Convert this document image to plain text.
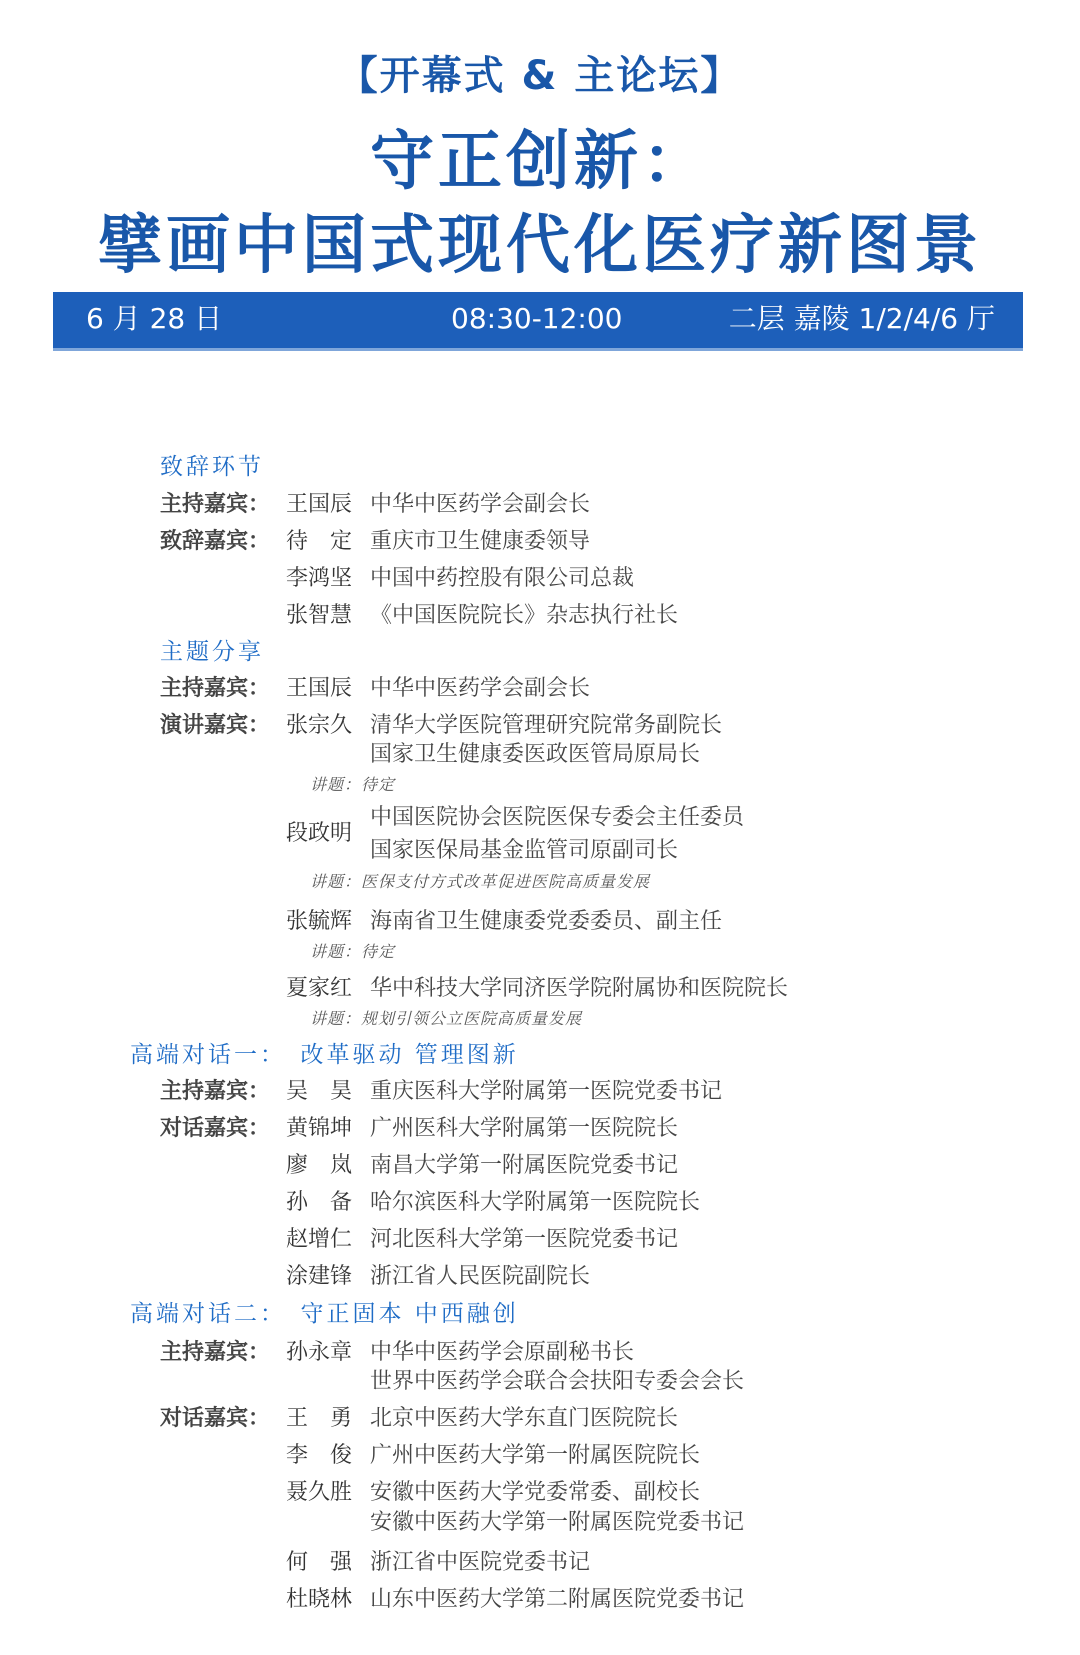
【开幕式 & 主论坛】
守正创新：
擘画中国式现代化医疗新图景
6 月 28 日	08:30-12:00	二层 嘉陵 1/2/4/6 厅
致辞环节
主持嘉宾： 王国辰 中华中医药学会副会长
致辞嘉宾： 待　定 重庆市卫生健康委领导
李鸿坚 中国中药控股有限公司总裁
张智慧 《中国医院院长》杂志执行社长
主题分享
主持嘉宾： 王国辰 中华中医药学会副会长
演讲嘉宾： 张宗久 清华大学医院管理研究院常务副院长
国家卫生健康委医政医管局原局长
讲题：待定
段政明
中国医院协会医院医保专委会主任委员
国家医保局基金监管司原副司长
讲题：医保支付方式改革促进医院高质量发展
张毓辉 海南省卫生健康委党委委员、副主任
讲题：待定
夏家红 华中科技大学同济医学院附属协和医院院长
讲题：规划引领公立医院高质量发展
高端对话一：　改革驱动 管理图新
主持嘉宾： 吴　昊 重庆医科大学附属第一医院党委书记
对话嘉宾： 黄锦坤 广州医科大学附属第一医院院长
廖　岚 南昌大学第一附属医院党委书记
孙　备 哈尔滨医科大学附属第一医院院长
赵增仁 河北医科大学第一医院党委书记
涂建锋 浙江省人民医院副院长
高端对话二：　守正固本 中西融创
主持嘉宾： 孙永章 中华中医药学会原副秘书长
世界中医药学会联合会扶阳专委会会长
对话嘉宾： 王　勇 北京中医药大学东直门医院院长
李　俊 广州中医药大学第一附属医院院长
聂久胜 安徽中医药大学党委常委、副校长
安徽中医药大学第一附属医院党委书记
何　强 浙江省中医院党委书记
杜晓林 山东中医药大学第二附属医院党委书记
